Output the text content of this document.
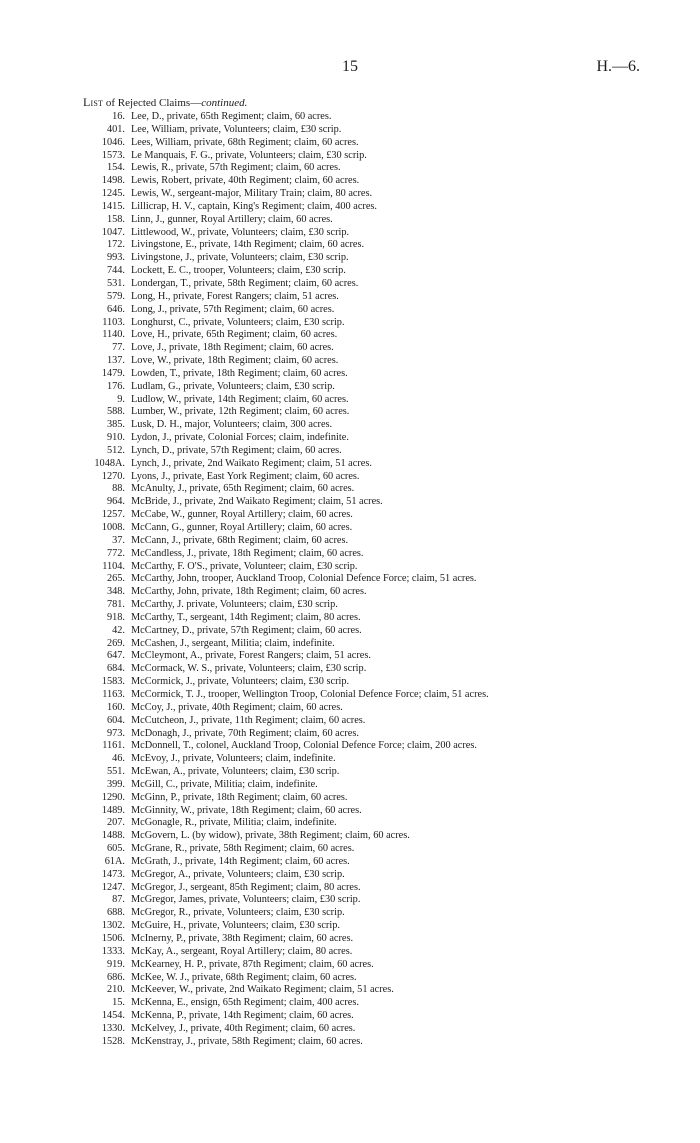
15	H.—6.
List of Rejected Claims—continued.
16. Lee, D., private, 65th Regiment; claim, 60 acres.
401. Lee, William, private, Volunteers; claim, £30 scrip.
1046. Lees, William, private, 68th Regiment; claim, 60 acres.
1573. Le Manquais, F. G., private, Volunteers; claim, £30 scrip.
154. Lewis, R., private, 57th Regiment; claim, 60 acres.
1498. Lewis, Robert, private, 40th Regiment; claim, 60 acres.
1245. Lewis, W., sergeant-major, Military Train; claim, 80 acres.
1415. Lillicrap, H. V., captain, King's Regiment; claim, 400 acres.
158. Linn, J., gunner, Royal Artillery; claim, 60 acres.
1047. Littlewood, W., private, Volunteers; claim, £30 scrip.
172. Livingstone, E., private, 14th Regiment; claim, 60 acres.
993. Livingstone, J., private, Volunteers; claim, £30 scrip.
744. Lockett, E. C., trooper, Volunteers; claim, £30 scrip.
531. Londergan, T., private, 58th Regiment; claim, 60 acres.
579. Long, H., private, Forest Rangers; claim, 51 acres.
646. Long, J., private, 57th Regiment; claim, 60 acres.
1103. Longhurst, C., private, Volunteers; claim, £30 scrip.
1140. Love, H., private, 65th Regiment; claim, 60 acres.
77. Love, J., private, 18th Regiment; claim, 60 acres.
137. Love, W., private, 18th Regiment; claim, 60 acres.
1479. Lowden, T., private, 18th Regiment; claim, 60 acres.
176. Ludlam, G., private, Volunteers; claim, £30 scrip.
9. Ludlow, W., private, 14th Regiment; claim, 60 acres.
588. Lumber, W., private, 12th Regiment; claim, 60 acres.
385. Lusk, D. H., major, Volunteers; claim, 300 acres.
910. Lydon, J., private, Colonial Forces; claim, indefinite.
512. Lynch, D., private, 57th Regiment; claim, 60 acres.
1048A. Lynch, J., private, 2nd Waikato Regiment; claim, 51 acres.
1270. Lyons, J., private, East York Regiment; claim, 60 acres.
88. McAnulty, J., private, 65th Regiment; claim, 60 acres.
964. McBride, J., private, 2nd Waikato Regiment; claim, 51 acres.
1257. McCabe, W., gunner, Royal Artillery; claim, 60 acres.
1008. McCann, G., gunner, Royal Artillery; claim, 60 acres.
37. McCann, J., private, 68th Regiment; claim, 60 acres.
772. McCandless, J., private, 18th Regiment; claim, 60 acres.
1104. McCarthy, F. O'S., private, Volunteer; claim, £30 scrip.
265. McCarthy, John, trooper, Auckland Troop, Colonial Defence Force; claim, 51 acres.
348. McCarthy, John, private, 18th Regiment; claim, 60 acres.
781. McCarthy, J. private, Volunteers; claim, £30 scrip.
918. McCarthy, T., sergeant, 14th Regiment; claim, 80 acres.
42. McCartney, D., private, 57th Regiment; claim, 60 acres.
269. McCashen, J., sergeant, Militia; claim, indefinite.
647. McCleymont, A., private, Forest Rangers; claim, 51 acres.
684. McCormack, W. S., private, Volunteers; claim, £30 scrip.
1583. McCormick, J., private, Volunteers; claim, £30 scrip.
1163. McCormick, T. J., trooper, Wellington Troop, Colonial Defence Force; claim, 51 acres.
160. McCoy, J., private, 40th Regiment; claim, 60 acres.
604. McCutcheon, J., private, 11th Regiment; claim, 60 acres.
973. McDonagh, J., private, 70th Regiment; claim, 60 acres.
1161. McDonnell, T., colonel, Auckland Troop, Colonial Defence Force; claim, 200 acres.
46. McEvoy, J., private, Volunteers; claim, indefinite.
551. McEwan, A., private, Volunteers; claim, £30 scrip.
399. McGill, C., private, Militia; claim, indefinite.
1290. McGinn, P., private, 18th Regiment; claim, 60 acres.
1489. McGinnity, W., private, 18th Regiment; claim, 60 acres.
207. McGonagle, R., private, Militia; claim, indefinite.
1488. McGovern, L. (by widow), private, 38th Regiment; claim, 60 acres.
605. McGrane, R., private, 58th Regiment; claim, 60 acres.
61A. McGrath, J., private, 14th Regiment; claim, 60 acres.
1473. McGregor, A., private, Volunteers; claim, £30 scrip.
1247. McGregor, J., sergeant, 85th Regiment; claim, 80 acres.
87. McGregor, James, private, Volunteers; claim, £30 scrip.
688. McGregor, R., private, Volunteers; claim, £30 scrip.
1302. McGuire, H., private, Volunteers; claim, £30 scrip.
1506. McInerny, P., private, 38th Regiment; claim, 60 acres.
1333. McKay, A., sergeant, Royal Artillery; claim, 80 acres.
919. McKearney, H. P., private, 87th Regiment; claim, 60 acres.
686. McKee, W. J., private, 68th Regiment; claim, 60 acres.
210. McKeever, W., private, 2nd Waikato Regiment; claim, 51 acres.
15. McKenna, E., ensign, 65th Regiment; claim, 400 acres.
1454. McKenna, P., private, 14th Regiment; claim, 60 acres.
1330. McKelvey, J., private, 40th Regiment; claim, 60 acres.
1528. McKenstray, J., private, 58th Regiment; claim, 60 acres.
